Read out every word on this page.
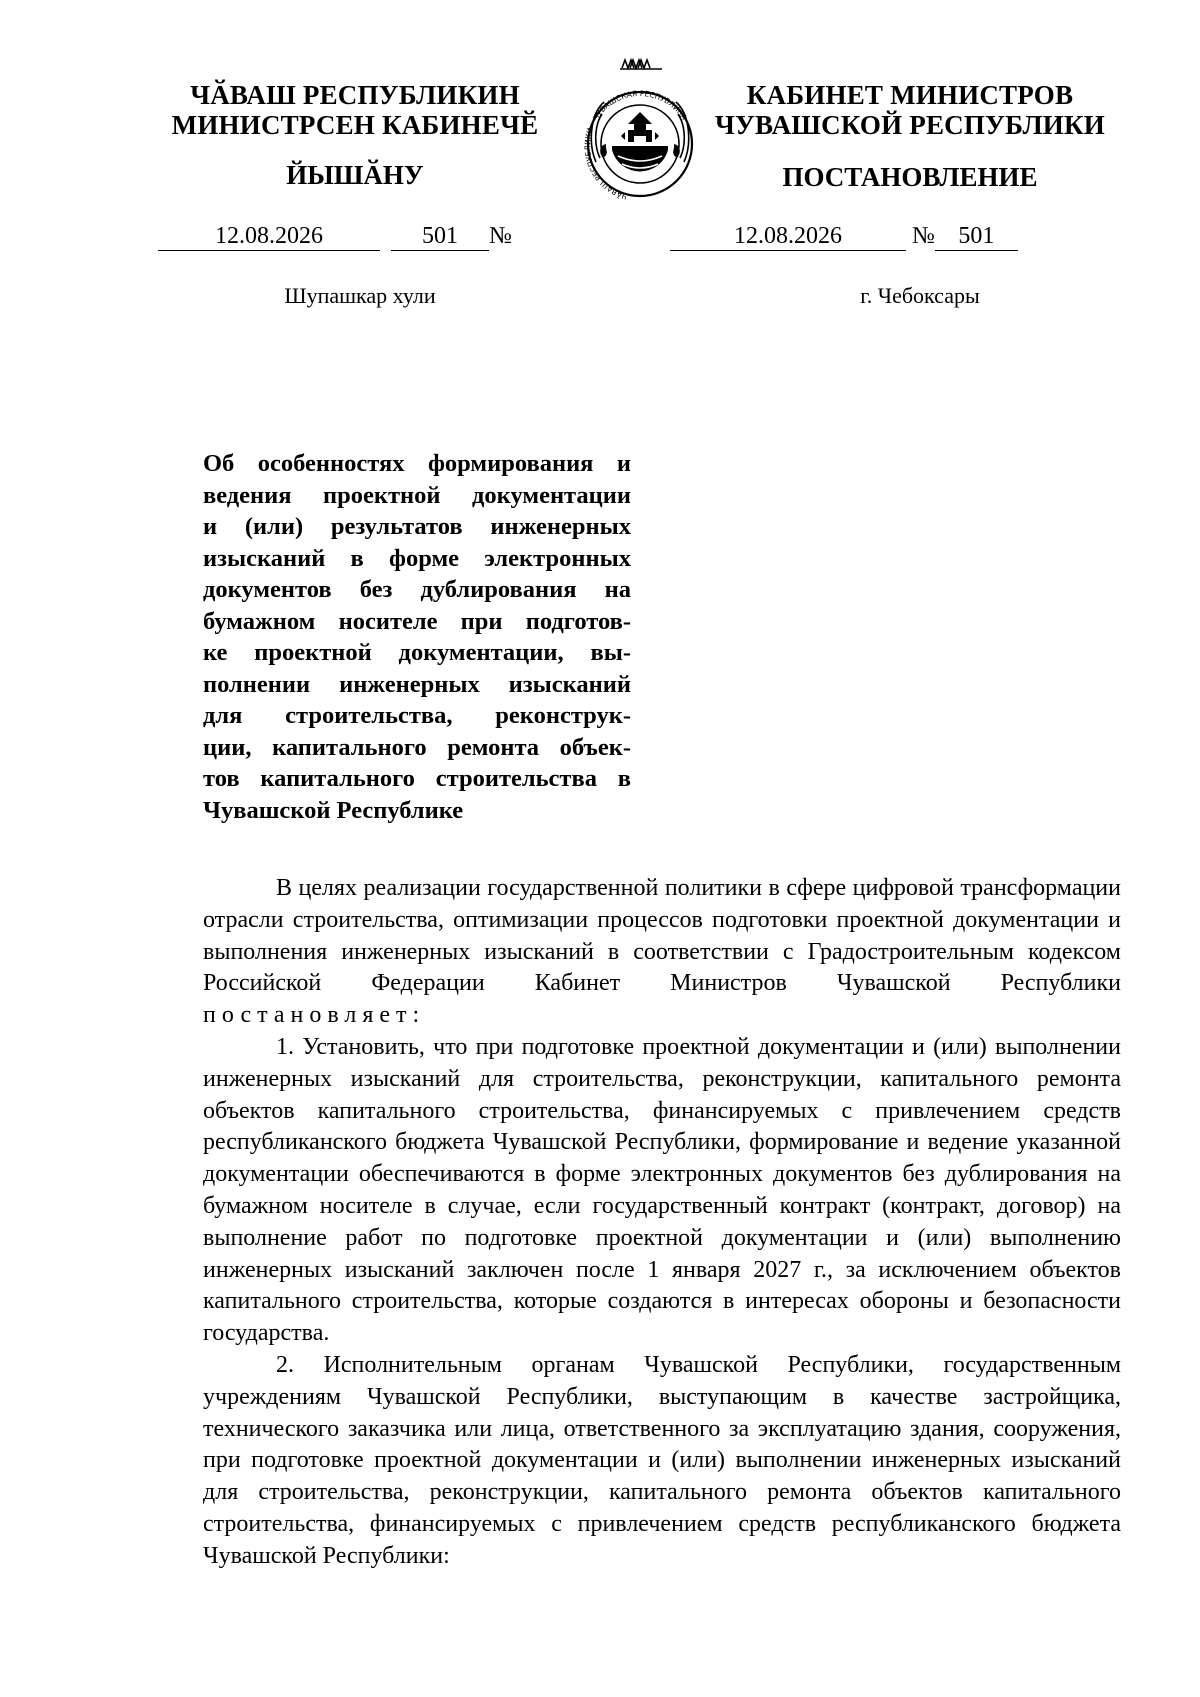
ЧӐВАШ РЕСПУБЛИКИН
МИНИСТРСЕН КАБИНЕЧӖ
ЙЫШӐНУ
КАБИНЕТ МИНИСТРОВ
ЧУВАШСКОЙ РЕСПУБЛИКИ
ПОСТАНОВЛЕНИЕ
ЧĂВАШ РЕСПУБЛИКИ ◦ ЧУВАШСКАЯ РЕСПУБЛИКА
12.08.2026	501 №	12.08.2026	№ 501
Шупашкар хули	г. Чебоксары
Об особенностях формирования и
ведения проектной документации
и (или) результатов инженерных
изысканий в форме электронных
документов без дублирования на
бумажном носителе при подготов-
ке проектной документации, вы-
полнении инженерных изысканий
для строительства, реконструк-
ции, капитального ремонта объек-
тов капитального строительства в
Чувашской Республике

В целях реализации государственной политики в сфере цифровой трансформации отрасли строительства, оптимизации процессов подготовки проектной документации и выполнения инженерных изысканий в соответствии с Градостроительным кодексом Российской Федерации Кабинет Министров Чувашской Республики постановляет:

1. Установить, что при подготовке проектной документации и (или) выполнении инженерных изысканий для строительства, реконструкции, капитального ремонта объектов капитального строительства, финансируемых с привлечением средств республиканского бюджета Чувашской Республики, формирование и ведение указанной документации обеспечиваются в форме электронных документов без дублирования на бумажном носителе в случае, если государственный контракт (контракт, договор) на выполнение работ по подготовке проектной документации и (или) выполнению инженерных изысканий заключен после 1 января 2027 г., за исключением объектов капитального строительства, которые создаются в интересах обороны и безопасности государства.

2. Исполнительным органам Чувашской Республики, государственным учреждениям Чувашской Республики, выступающим в качестве застройщика, технического заказчика или лица, ответственного за эксплуатацию здания, сооружения, при подготовке проектной документации и (или) выполнении инженерных изысканий для строительства, реконструкции, капитального ремонта объектов капитального строительства, финансируемых с привлечением средств республиканского бюджета Чувашской Республики:
